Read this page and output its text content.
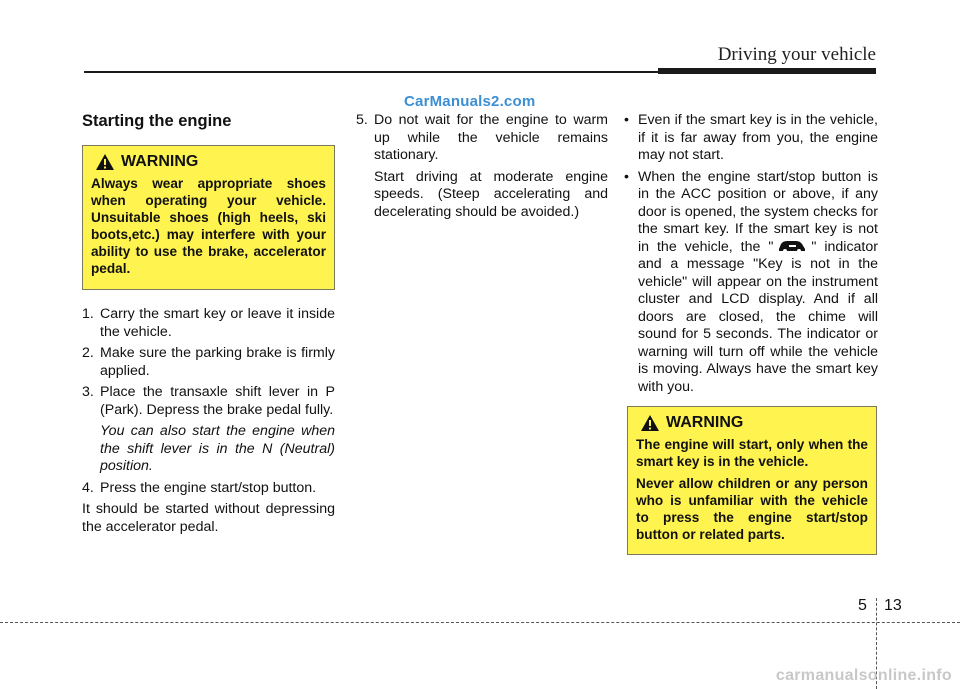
Driving your vehicle
CarManuals2.com
Starting the engine
WARNING

Always wear appropriate shoes when operating your vehicle. Unsuitable shoes (high heels, ski boots,etc.) may interfere with your ability to use the brake, accelerator pedal.

1. Carry the smart key or leave it inside the vehicle.

2. Make sure the parking brake is firmly applied.

3. Place the transaxle shift lever in P (Park). Depress the brake pedal fully.

You can also start the engine when the shift lever is in the N (Neutral) position.

4. Press the engine start/stop button.

It should be started without depressing the accelerator pedal.

5. Do not wait for the engine to warm up while the vehicle remains stationary.

Start driving at moderate engine speeds. (Steep accelerating and decelerating should be avoided.)

• Even if the smart key is in the vehicle, if it is far away from you, the engine may not start.

• When the engine start/stop button is in the ACC position or above, if any door is opened, the system checks for the smart key. If the smart key is not in the vehicle, the "	" indicator and a message "Key is not in the vehicle" will appear on the instrument cluster and LCD display. And if all doors are closed, the chime will sound for 5 seconds. The indicator or warning will turn off while the vehicle is moving. Always have the smart key with you.
WARNING

The engine will start, only when the smart key is in the vehicle.

Never allow children or any person who is unfamiliar with the vehicle to press the engine start/stop button or related parts.

5 13
carmanualsonline.info
